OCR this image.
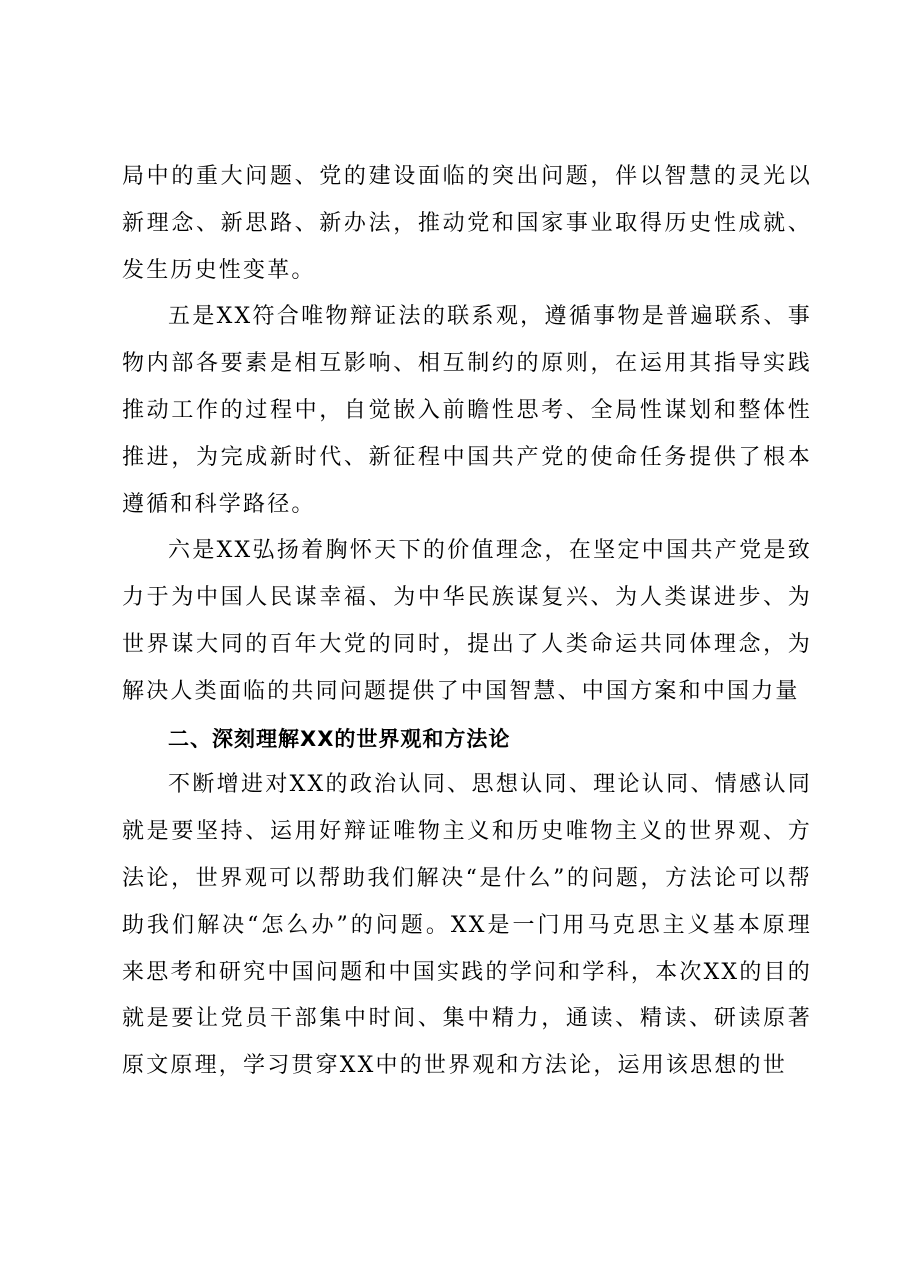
局中的重大问题、党的建设面临的突出问题，伴以智慧的灵光以新理念、新思路、新办法，推动党和国家事业取得历史性成就、发生历史性变革。

五是XX符合唯物辩证法的联系观，遵循事物是普遍联系、事物内部各要素是相互影响、相互制约的原则，在运用其指导实践推动工作的过程中，自觉嵌入前瞻性思考、全局性谋划和整体性推进，为完成新时代、新征程中国共产党的使命任务提供了根本遵循和科学路径。

六是XX弘扬着胸怀天下的价值理念，在坚定中国共产党是致力于为中国人民谋幸福、为中华民族谋复兴、为人类谋进步、为世界谋大同的百年大党的同时，提出了人类命运共同体理念，为解决人类面临的共同问题提供了中国智慧、中国方案和中国力量

二、深刻理解XX的世界观和方法论

不断增进对XX的政治认同、思想认同、理论认同、情感认同就是要坚持、运用好辩证唯物主义和历史唯物主义的世界观、方法论，世界观可以帮助我们解决“是什么”的问题，方法论可以帮助我们解决“怎么办”的问题。XX是一门用马克思主义基本原理来思考和研究中国问题和中国实践的学问和学科，本次XX的目的就是要让党员干部集中时间、集中精力，通读、精读、研读原著原文原理，学习贯穿XX中的世界观和方法论，运用该思想的世
